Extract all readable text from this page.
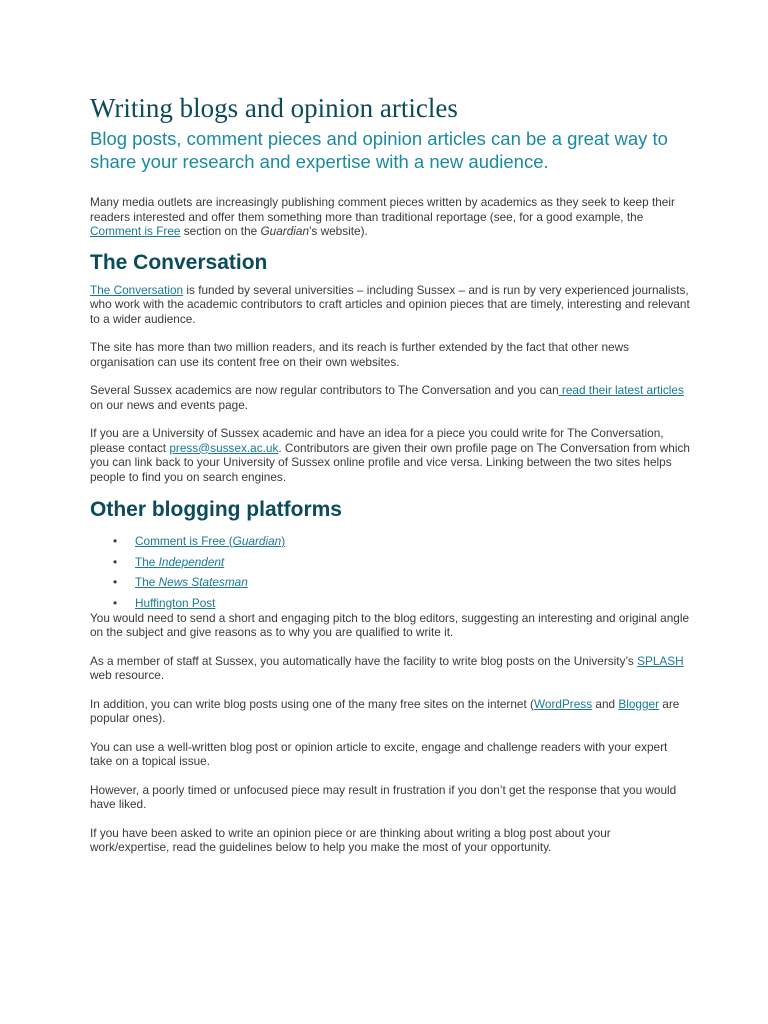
Writing blogs and opinion articles
Blog posts, comment pieces and opinion articles can be a great way to share your research and expertise with a new audience.

Many media outlets are increasingly publishing comment pieces written by academics as they seek to keep their readers interested and offer them something more than traditional reportage (see, for a good example, the Comment is Free section on the Guardian’s website).

The Conversation

The Conversation is funded by several universities – including Sussex – and is run by very experienced journalists, who work with the academic contributors to craft articles and opinion pieces that are timely, interesting and relevant to a wider audience.

The site has more than two million readers, and its reach is further extended by the fact that other news organisation can use its content free on their own websites.

Several Sussex academics are now regular contributors to The Conversation and you can read their latest articles on our news and events page.

If you are a University of Sussex academic and have an idea for a piece you could write for The Conversation, please contact press@sussex.ac.uk. Contributors are given their own profile page on The Conversation from which you can link back to your University of Sussex online profile and vice versa. Linking between the two sites helps people to find you on search engines.

Other blogging platforms
• Comment is Free (Guardian)
• The Independent
• The News Statesman
• Huffington Post

You would need to send a short and engaging pitch to the blog editors, suggesting an interesting and original angle on the subject and give reasons as to why you are qualified to write it.

As a member of staff at Sussex, you automatically have the facility to write blog posts on the University’s SPLASH web resource.

In addition, you can write blog posts using one of the many free sites on the internet (WordPress and Blogger are popular ones).

You can use a well-written blog post or opinion article to excite, engage and challenge readers with your expert take on a topical issue.

However, a poorly timed or unfocused piece may result in frustration if you don’t get the response that you would have liked.

If you have been asked to write an opinion piece or are thinking about writing a blog post about your work/expertise, read the guidelines below to help you make the most of your opportunity.
